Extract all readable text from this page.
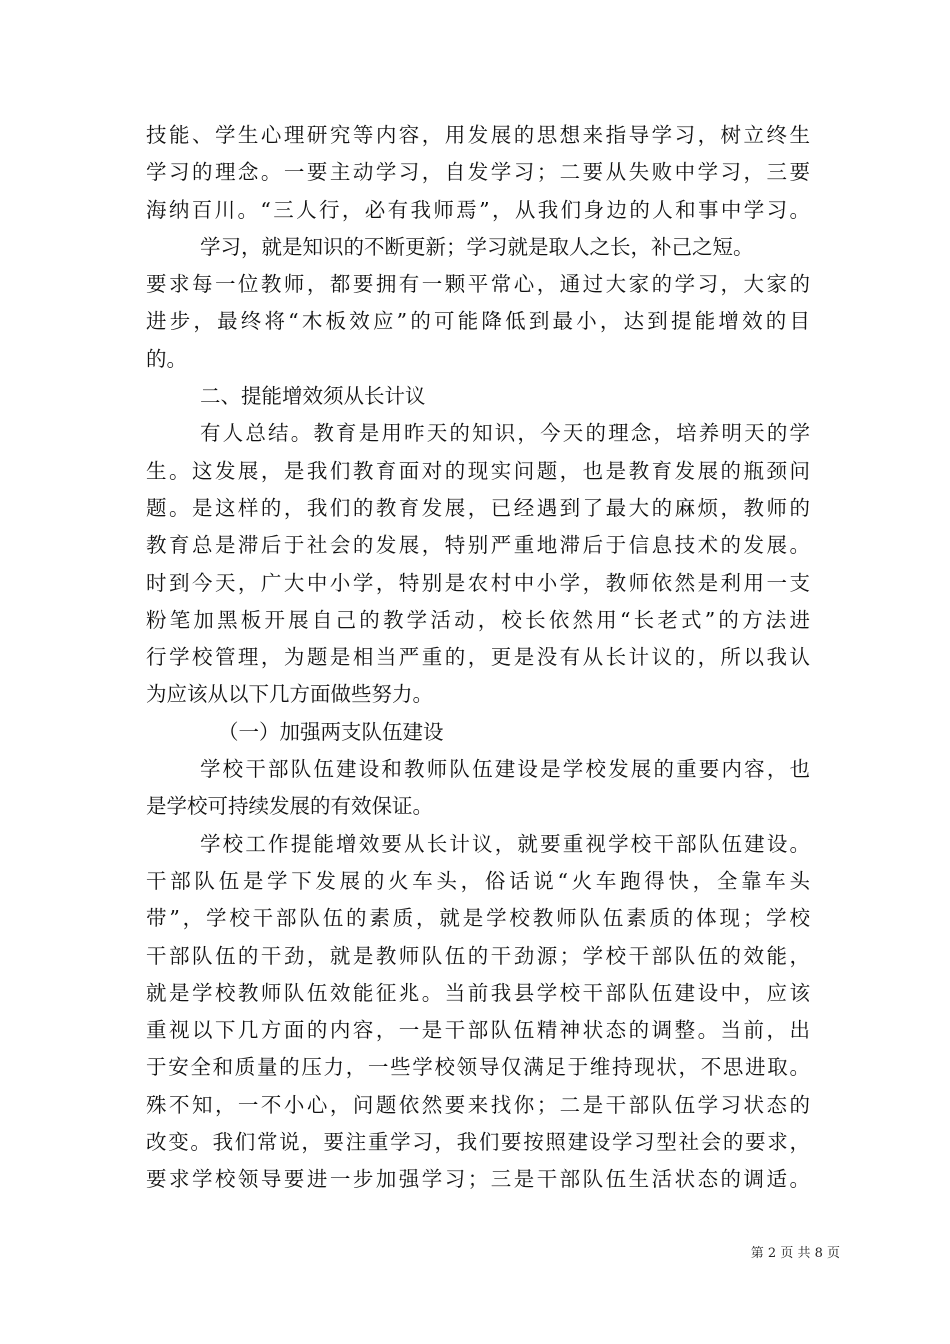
技能、学生心理研究等内容，用发展的思想来指导学习，树立终生
学习的理念。一要主动学习，自发学习；二要从失败中学习，三要
海纳百川。“三人行，必有我师焉”，从我们身边的人和事中学习。
学习，就是知识的不断更新；学习就是取人之长，补己之短。
要求每一位教师，都要拥有一颗平常心，通过大家的学习，大家的
进步，最终将“木板效应”的可能降低到最小，达到提能增效的目
的。
二、提能增效须从长计议
有人总结。教育是用昨天的知识，今天的理念，培养明天的学
生。这发展，是我们教育面对的现实问题，也是教育发展的瓶颈问
题。是这样的，我们的教育发展，已经遇到了最大的麻烦，教师的
教育总是滞后于社会的发展，特别严重地滞后于信息技术的发展。
时到今天，广大中小学，特别是农村中小学，教师依然是利用一支
粉笔加黑板开展自己的教学活动，校长依然用“长老式”的方法进
行学校管理，为题是相当严重的，更是没有从长计议的，所以我认
为应该从以下几方面做些努力。
（一）加强两支队伍建设
学校干部队伍建设和教师队伍建设是学校发展的重要内容，也
是学校可持续发展的有效保证。
学校工作提能增效要从长计议，就要重视学校干部队伍建设。
干部队伍是学下发展的火车头，俗话说“火车跑得快，全靠车头
带”，学校干部队伍的素质，就是学校教师队伍素质的体现；学校
干部队伍的干劲，就是教师队伍的干劲源；学校干部队伍的效能，
就是学校教师队伍效能征兆。当前我县学校干部队伍建设中，应该
重视以下几方面的内容，一是干部队伍精神状态的调整。当前，出
于安全和质量的压力，一些学校领导仅满足于维持现状，不思进取。
殊不知，一不小心，问题依然要来找你；二是干部队伍学习状态的
改变。我们常说，要注重学习，我们要按照建设学习型社会的要求，
要求学校领导要进一步加强学习；三是干部队伍生活状态的调适。
第 2 页 共 8 页
